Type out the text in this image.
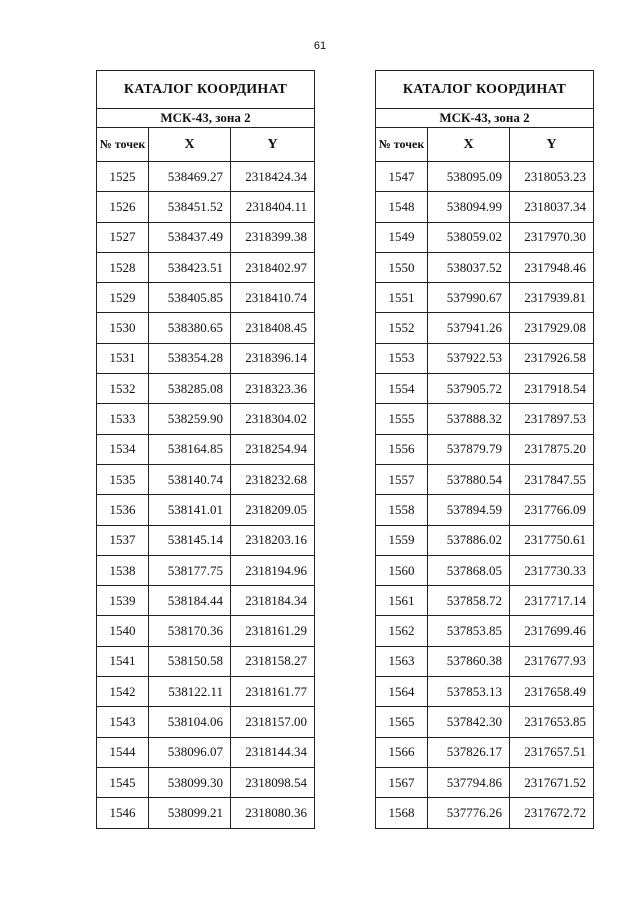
61
КАТАЛОГ КООРДИНАТ		
МСК-43, зона 2		
№ точек	X	Y
1525	538469.27	2318424.34
1526	538451.52	2318404.11
1527	538437.49	2318399.38
1528	538423.51	2318402.97
1529	538405.85	2318410.74
1530	538380.65	2318408.45
1531	538354.28	2318396.14
1532	538285.08	2318323.36
1533	538259.90	2318304.02
1534	538164.85	2318254.94
1535	538140.74	2318232.68
1536	538141.01	2318209.05
1537	538145.14	2318203.16
1538	538177.75	2318194.96
1539	538184.44	2318184.34
1540	538170.36	2318161.29
1541	538150.58	2318158.27
1542	538122.11	2318161.77
1543	538104.06	2318157.00
1544	538096.07	2318144.34
1545	538099.30	2318098.54
1546	538099.21	2318080.36
КАТАЛОГ КООРДИНАТ		
МСК-43, зона 2		
№ точек	X	Y
1547	538095.09	2318053.23
1548	538094.99	2318037.34
1549	538059.02	2317970.30
1550	538037.52	2317948.46
1551	537990.67	2317939.81
1552	537941.26	2317929.08
1553	537922.53	2317926.58
1554	537905.72	2317918.54
1555	537888.32	2317897.53
1556	537879.79	2317875.20
1557	537880.54	2317847.55
1558	537894.59	2317766.09
1559	537886.02	2317750.61
1560	537868.05	2317730.33
1561	537858.72	2317717.14
1562	537853.85	2317699.46
1563	537860.38	2317677.93
1564	537853.13	2317658.49
1565	537842.30	2317653.85
1566	537826.17	2317657.51
1567	537794.86	2317671.52
1568	537776.26	2317672.72
